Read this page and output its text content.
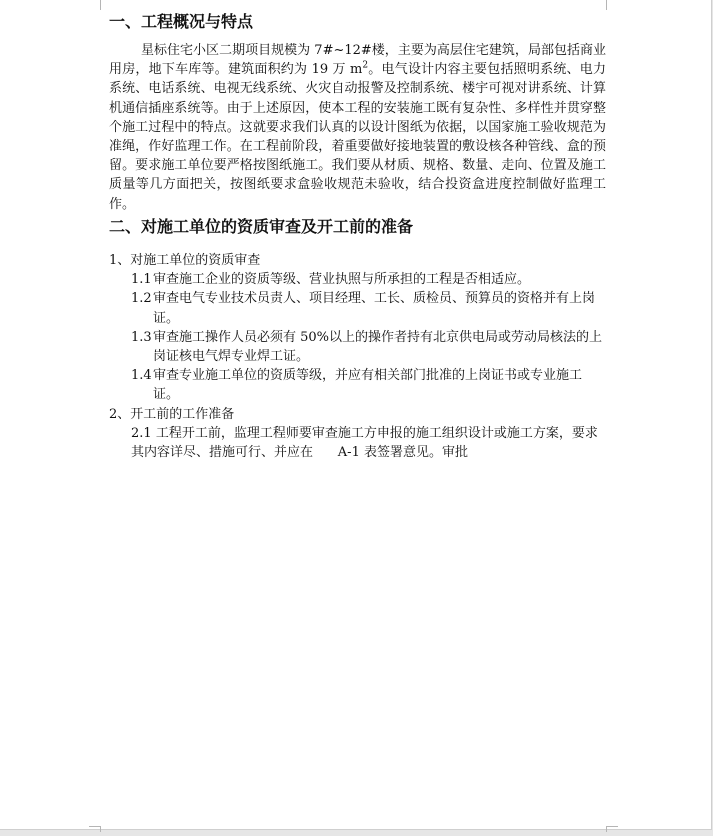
一、工程概况与特点

星标住宅小区二期项目规模为 7#~12#楼，主要为高层住宅建筑，局部包括商业用房，地下车库等。建筑面积约为 19 万 $m^2$。电气设计内容主要包括照明系统、电力系统、电话系统、电视无线系统、火灾自动报警及控制系统、楼宇可视对讲系统、计算机通信插座系统等。由于上述原因，使本工程的安装施工既有复杂性、多样性并贯穿整个施工过程中的特点。这就要求我们认真的以设计图纸为依据，以国家施工验收规范为准绳，作好监理工作。在工程前阶段，着重要做好接地装置的敷设核各种管线、盒的预留。要求施工单位要严格按图纸施工。我们要从材质、规格、数量、走向、位置及施工质量等几方面把关，按图纸要求盒验收规范未验收，结合投资盒进度控制做好监理工作。

二、对施工单位的资质审查及开工前的准备

1、对施工单位的资质审查

1.1审查施工企业的资质等级、营业执照与所承担的工程是否相适应。

1.2审查电气专业技术员责人、项目经理、工长、质检员、预算员的资格并有上岗证。

1.3审查施工操作人员必须有 50%以上的操作者持有北京供电局或劳动局核法的上岗证核电气焊专业焊工证。

1.4审查专业施工单位的资质等级，并应有相关部门批准的上岗证书或专业施工证。

2、开工前的工作准备

2.1 工程开工前，监理工程师要审查施工方申报的施工组织设计或施工方案，要求其内容详尽、措施可行、并应在      A-1 表签署意见。审批
